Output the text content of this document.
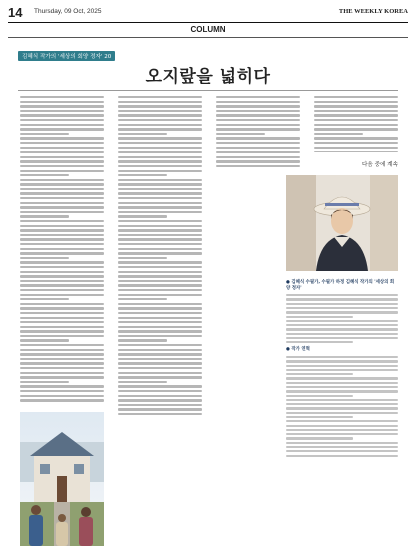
14 Thursday, 09 Oct, 2025	THE WEEKLY KOREA
COLUMN
김혜식 작가의 '세상의 회양 정자' 20
오지랖을 넓히다
다음 중에 계속
● 김혜식 수필가, 수필가 하정 김혜식 작가의 '세상의 회양 정자'
● 작가 연혁
